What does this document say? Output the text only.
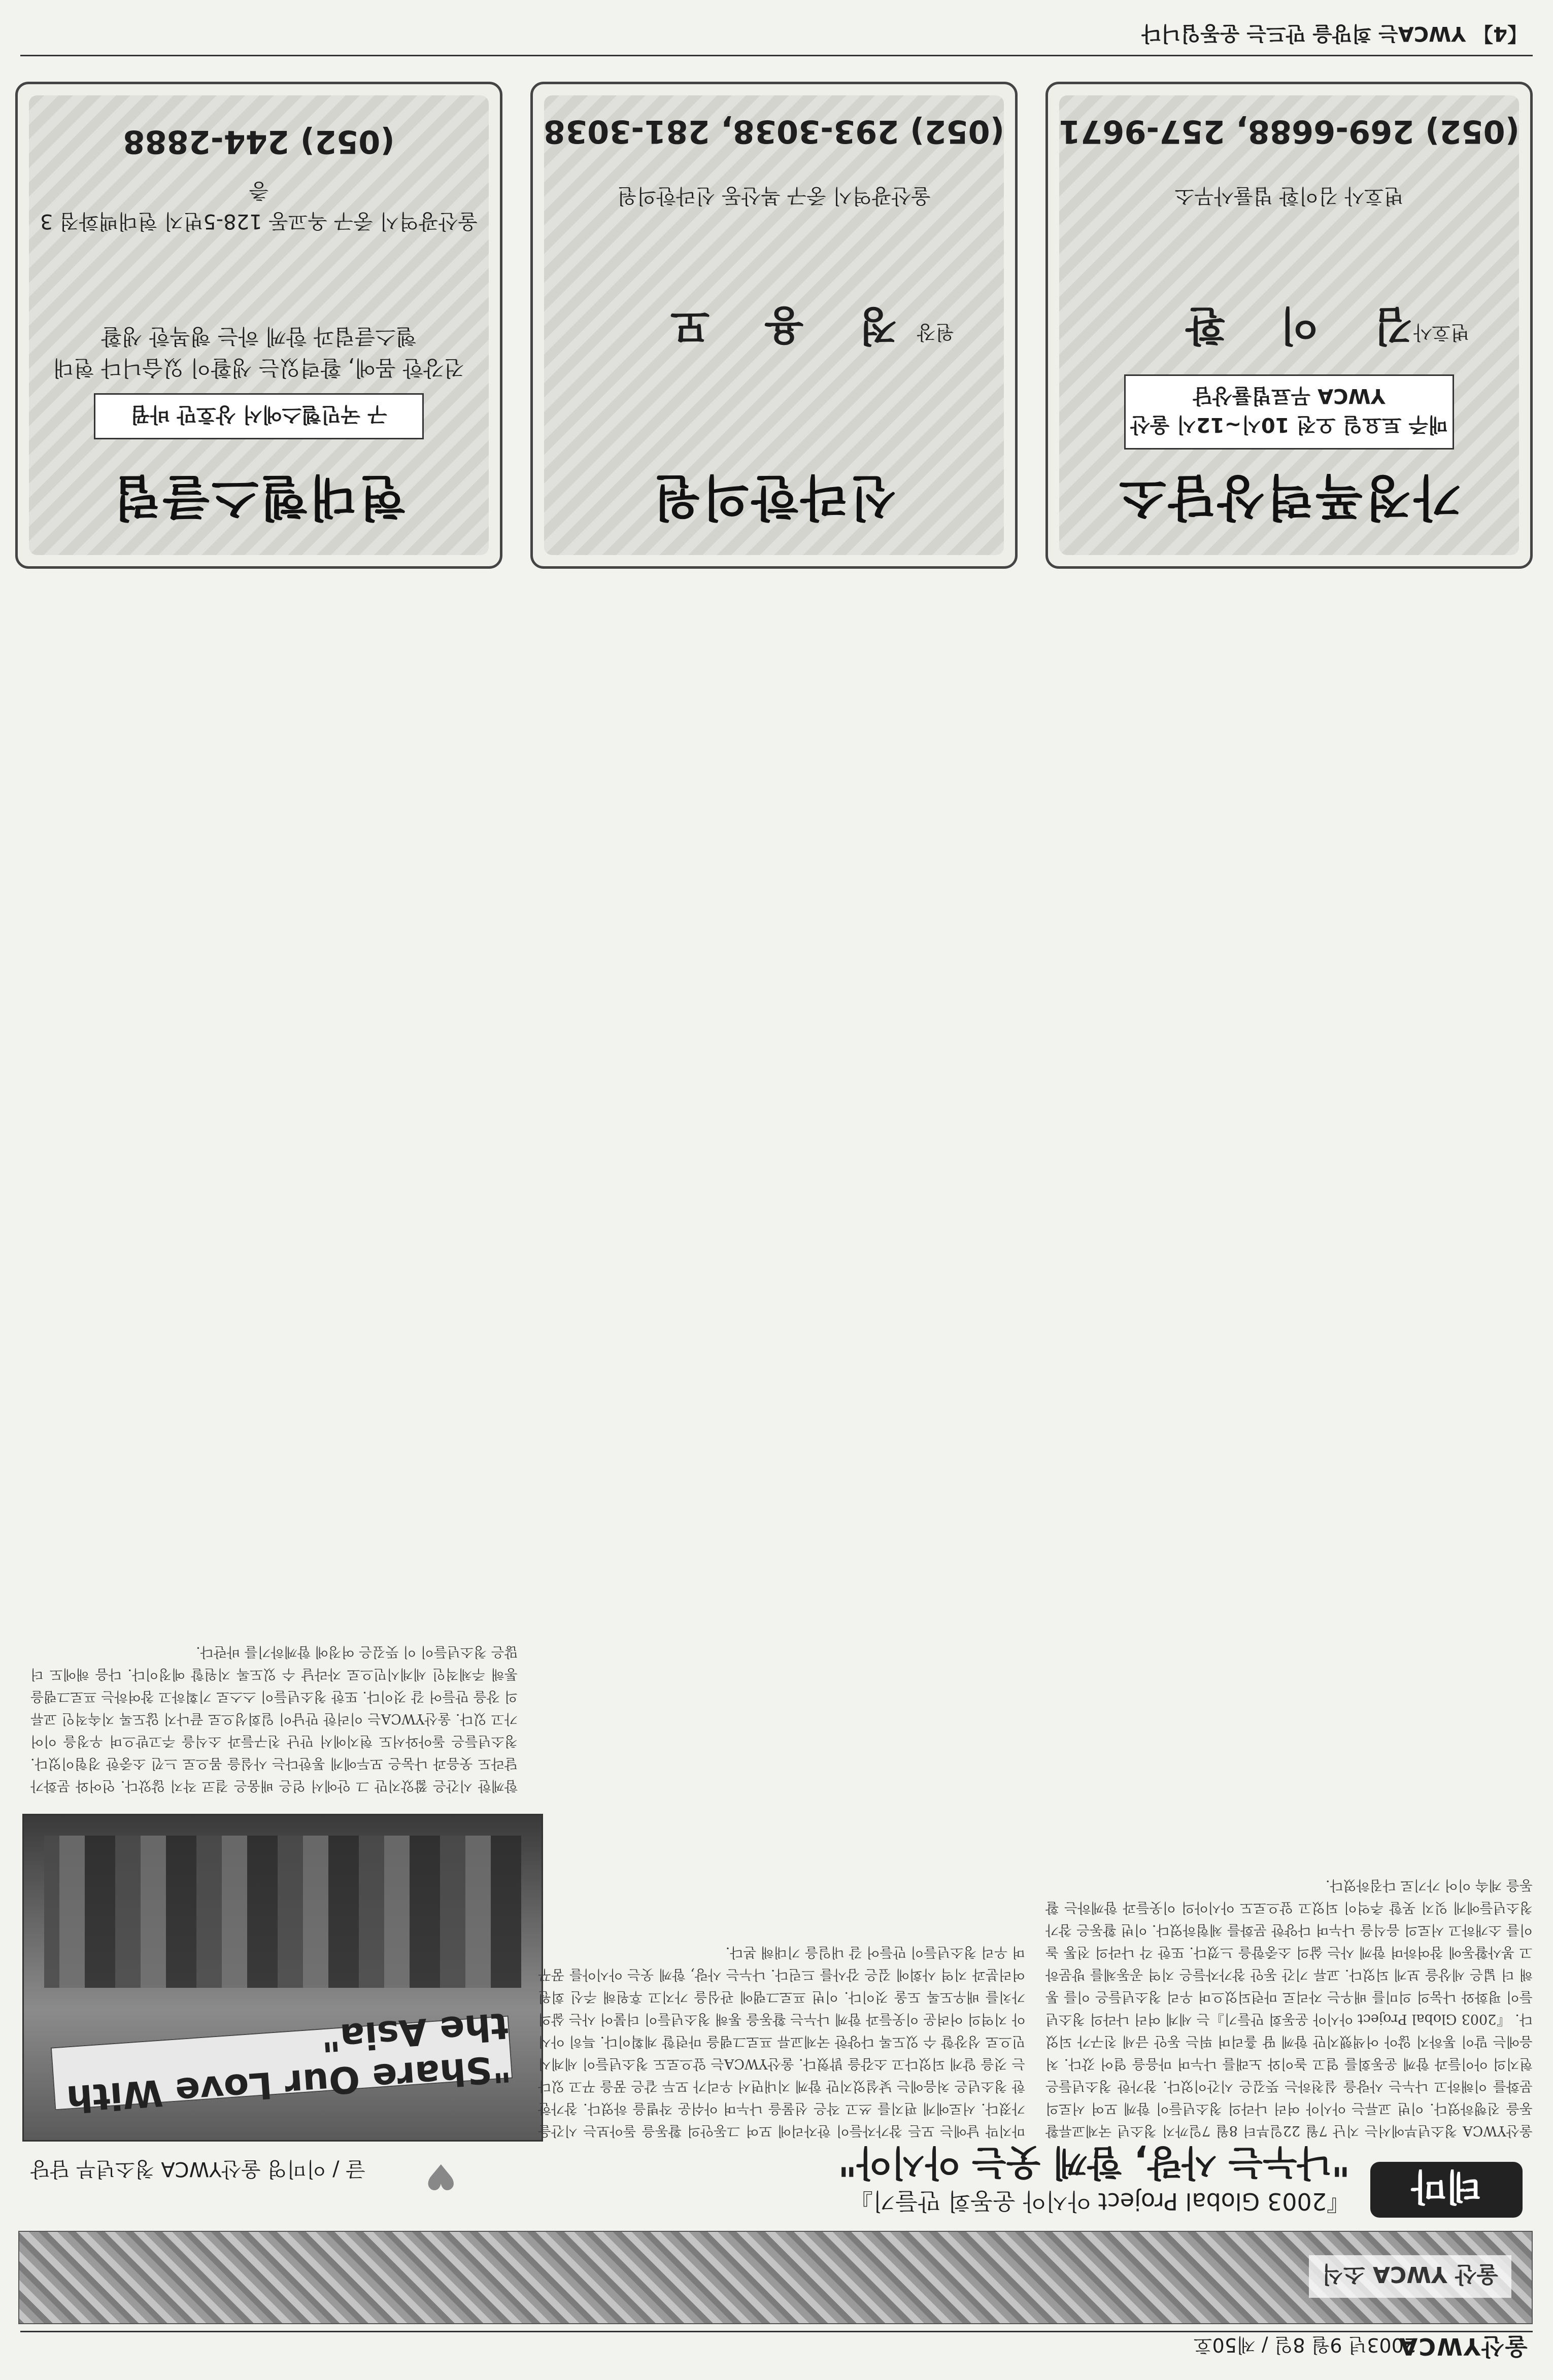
울산YWCA
2003년 9월 8일 / 제50호
울산 YWCA 소식
테마
『2003 Global Project 아시아 운동회 만들기』
"나누는 사랑, 함께 웃는 아시아"
♥
글 / 이미영 울산YWCA 청소년부 담당
"Share Our Love With the Asia"
울산YWCA 청소년부에서는 지난 7월 22일부터 8월 7일까지 청소년 국제교류활동을 진행하였다. 이번 교류는 아시아 여러 나라의 청소년들이 함께 모여 서로의 문화를 이해하고 나누는 사랑을 실천하는 뜻깊은 시간이었다. 참가한 청소년들은 현지의 아이들과 함께 운동회를 열고 놀이와 노래를 나누며 마음을 열어 갔다. 처음에는 말이 통하지 않아 어색했지만 함께 땀 흘리며 뛰는 동안 금세 친구가 되었다. 『2003 Global Project 아시아 운동회 만들기』는 세계 여러 나라의 청소년들이 평화와 나눔의 의미를 배우는 자리로 마련되었으며 우리 청소년들은 이를 통해 더 넓은 세상을 보게 되었다. 교류 기간 동안 참가자들은 지역 공동체를 방문하고 봉사활동에 참여하며 함께 사는 삶의 소중함을 느꼈다. 또한 각 나라의 전통 놀이를 소개하고 서로의 음식을 나누며 다양한 문화를 체험하였다. 이번 활동은 참가 청소년들에게 잊지 못할 추억이 되었고 앞으로도 아시아의 이웃들과 함께하는 활동을 계속 이어 가기로 다짐하였다.
마지막 날에는 모든 참가자들이 한자리에 모여 그동안의 활동을 돌아보는 시간을 가졌다. 서로에게 편지를 쓰고 작은 선물을 나누며 아쉬운 작별을 하였다. 참가한 한 청소년은 처음에는 낯설었지만 함께 지내면서 우리가 모두 같은 꿈을 꾸고 있다는 것을 알게 되었다고 소감을 밝혔다. 울산YWCA는 앞으로도 청소년들이 세계시민으로 성장할 수 있도록 다양한 국제교류 프로그램을 마련할 계획이다. 특히 아시아 지역의 어려운 이웃들과 함께 나누는 활동을 통해 청소년들이 더불어 사는 삶의 가치를 배우도록 도울 것이다. 이번 프로그램에 관심을 가지고 후원해 주신 회원 여러분과 지역 사회에 깊은 감사를 드린다. 나누는 사랑, 함께 웃는 아시아를 꿈꾸며 우리 청소년들이 만들어 갈 내일을 기대해 본다.
함께한 시간은 짧았지만 그 안에서 얻은 배움은 결코 작지 않았다. 언어와 문화가 달라도 웃음과 나눔은 모두에게 통한다는 사실을 몸으로 느낀 소중한 경험이었다. 청소년들은 돌아와서도 현지에서 만난 친구들과 소식을 주고받으며 우정을 이어 가고 있다. 울산YWCA는 이러한 만남이 일회성으로 끝나지 않도록 지속적인 교류의 장을 만들어 갈 것이다. 또한 청소년들이 스스로 기획하고 참여하는 프로그램을 통해 주체적인 세계시민으로 자라날 수 있도록 지원할 예정이다. 다음 해에도 더 많은 청소년들이 이 뜻깊은 여정에 함께하기를 바란다.
가정폭력상담소
매주 토요일 오전 10시~12시 울산 YWCA 무료법률상담
변호사
김 이 환
변호사 김이환 법률사무소
(052) 269-6688, 257-9671
신라한의원
원장
정 용 모
울산광역시 중구 복산동 신라한의원
(052) 293-3038, 281-3038
현대헬스클럽
구 국민헬스에서 상호만 바뀜
건강한 몸에, 활력있는 생활이 있습니다 현대헬스클럽과 함께 하는 행복한 생활
울산광역시 중구 옥교동 128-5번지 현대백화점 3층
(052) 244-2888
【4】 YWCA는 희망을 만드는 운동입니다
